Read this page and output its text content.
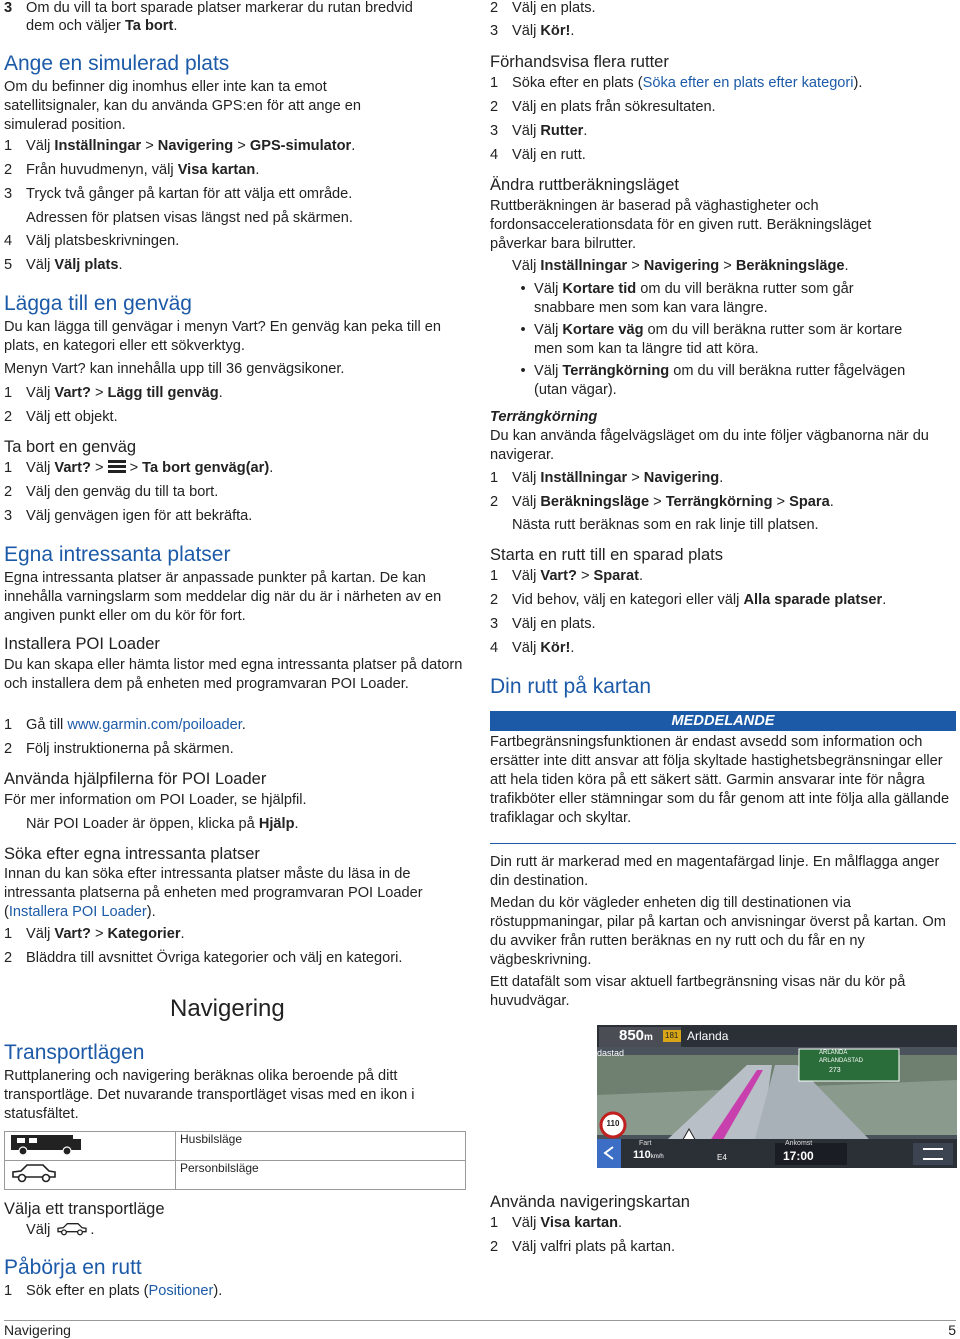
3 Om du vill ta bort sparade platser markerar du rutan bredvid
dem och väljer Ta bort.
Ange en simulerad plats
Om du befinner dig inomhus eller inte kan ta emot satellitsignaler, kan du använda GPS:en för att ange en simulerad position.
1 Välj Inställningar > Navigering > GPS-simulator.
2 Från huvudmenyn, välj Visa kartan.
3 Tryck två gånger på kartan för att välja ett område.
Adressen för platsen visas längst ned på skärmen.
4 Välj platsbeskrivningen.
5 Välj Välj plats.
Lägga till en genväg
Du kan lägga till genvägar i menyn Vart? En genväg kan peka till en plats, en kategori eller ett sökverktyg.
Menyn Vart? kan innehålla upp till 36 genvägsikoner.
1 Välj Vart? > Lägg till genväg.
2 Välj ett objekt.
Ta bort en genväg
1 Välj Vart? >
> Ta bort genväg(ar).
2 Välj den genväg du till ta bort.
3 Välj genvägen igen för att bekräfta.
Egna intressanta platser
Egna intressanta platser är anpassade punkter på kartan. De kan innehålla varningslarm som meddelar dig när du är i närheten av en angiven punkt eller om du kör för fort.
Installera POI Loader
Du kan skapa eller hämta listor med egna intressanta platser på datorn och installera dem på enheten med programvaran POI Loader.
1 Gå till www.garmin.com/poiloader.
2 Följ instruktionerna på skärmen.
Använda hjälpfilerna för POI Loader
För mer information om POI Loader, se hjälpfil.
När POI Loader är öppen, klicka på Hjälp.
Söka efter egna intressanta platser
Innan du kan söka efter intressanta platser måste du läsa in de intressanta platserna på enheten med programvaran POI Loader (Installera POI Loader).
1 Välj Vart? > Kategorier.
2 Bläddra till avsnittet Övriga kategorier och välj en kategori.
Navigering
Transportlägen
Ruttplanering och navigering beräknas olika beroende på ditt transportläge. Det nuvarande transportläget visas med en ikon i statusfältet.
	Husbilsläge
	Personbilsläge
Välja ett transportläge
Välj	.
Påbörja en rutt
1 Sök efter en plats (Positioner).
2 Välj en plats.
3 Välj Kör!.
Förhandsvisa flera rutter
1 Söka efter en plats (Söka efter en plats efter kategori).
2 Välj en plats från sökresultaten.
3 Välj Rutter.
4 Välj en rutt.
Ändra ruttberäkningsläget
Ruttberäkningen är baserad på väghastigheter och fordonsaccelerationsdata för en given rutt. Beräkningsläget påverkar bara bilrutter.
Välj Inställningar > Navigering > Beräkningsläge.
• Välj Kortare tid om du vill beräkna rutter som går
snabbare men som kan vara längre.
• Välj Kortare väg om du vill beräkna rutter som är kortare
men som kan ta längre tid att köra.
• Välj Terrängkörning om du vill beräkna rutter fågelvägen
(utan vägar).
Terrängkörning
Du kan använda fågelvägsläget om du inte följer vägbanorna när du navigerar.
1 Välj Inställningar > Navigering.
2 Välj Beräkningsläge > Terrängkörning > Spara.
Nästa rutt beräknas som en rak linje till platsen.
Starta en rutt till en sparad plats
1 Välj Vart? > Sparat.
2 Vid behov, välj en kategori eller välj Alla sparade platser.
3 Välj en plats.
4 Välj Kör!.
Din rutt på kartan
MEDDELANDE
Fartbegränsningsfunktionen är endast avsedd som information och ersätter inte ditt ansvar att följa skyltade hastighetsbegränsningar eller att hela tiden köra på ett säkert sätt. Garmin ansvarar inte för några trafikböter eller stämningar som du får genom att inte följa alla gällande trafiklagar och skyltar.
Din rutt är markerad med en magentafärgad linje. En målflagga anger din destination.
Medan du kör vägleder enheten dig till destinationen via röstuppmaningar, pilar på kartan och anvisningar överst på kartan. Om du avviker från rutten beräknas en ny rutt och du får en ny vägbeskrivning.
Ett datafält som visar aktuell fartbegränsning visas när du kör på huvudvägar.
850m 181 Arlanda
dastad	ARLANDA
ARLANDASTAD
273
110
Fart
110km/h	E4
Ankomst
17:00
Använda navigeringskartan
1 Välj Visa kartan.
2 Välj valfri plats på kartan.
Navigering	5
